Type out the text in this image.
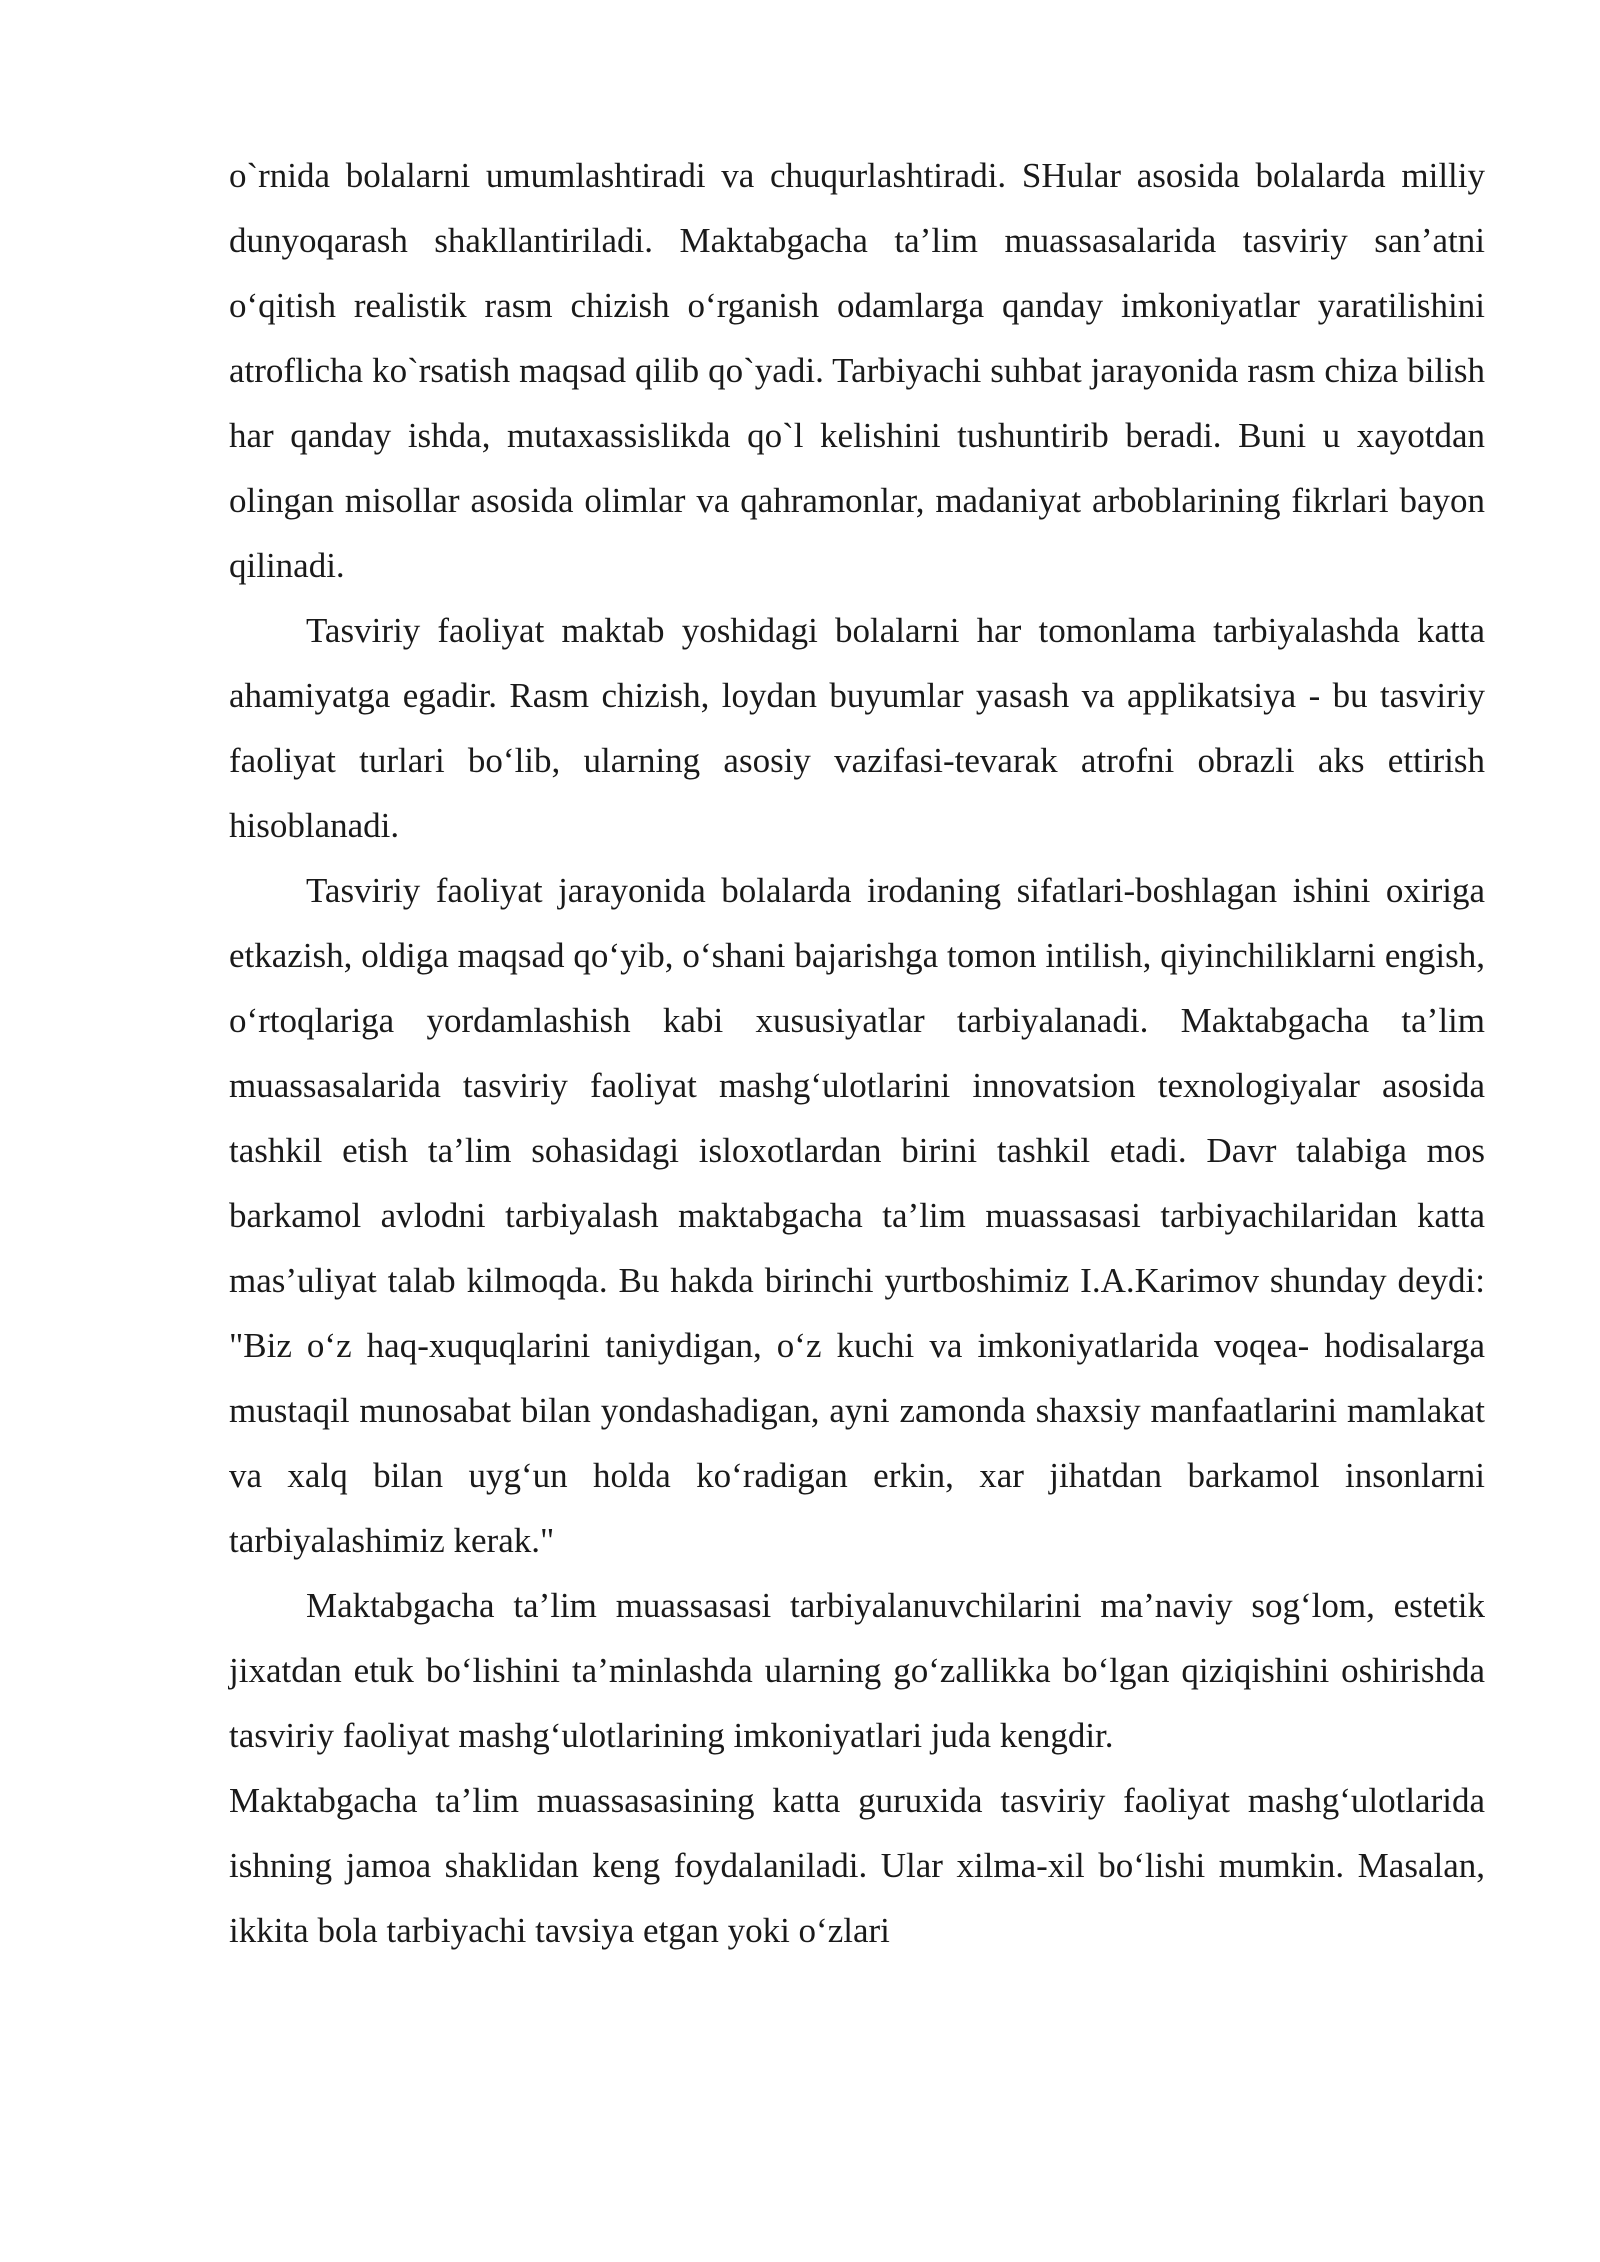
o`rnida bolalarni umumlashtiradi va chuqurlashtiradi. SHular asosida bolalarda milliy dunyoqarash shakllantiriladi. Maktabgacha ta’lim muassasalarida tasviriy san’atni o‘qitish realistik rasm chizish o‘rganish odamlarga qanday imkoniyatlar yaratilishini atroflicha ko`rsatish maqsad qilib qo`yadi. Tarbiyachi suhbat jarayonida rasm chiza bilish har qanday ishda, mutaxassislikda qo`l kelishini tushuntirib beradi. Buni u xayotdan olingan misollar asosida olimlar va qahramonlar, madaniyat arboblarining fikrlari bayon qilinadi.

Tasviriy faoliyat maktab yoshidagi bolalarni har tomonlama tarbiyalashda katta ahamiyatga egadir. Rasm chizish, loydan buyumlar yasash va applikatsiya - bu tasviriy faoliyat turlari bo‘lib, ularning asosiy vazifasi-tevarak atrofni obrazli aks ettirish hisoblanadi.

Tasviriy faoliyat jarayonida bolalarda irodaning sifatlari-boshlagan ishini oxiriga etkazish, oldiga maqsad qo‘yib, o‘shani bajarishga tomon intilish, qiyinchiliklarni engish, o‘rtoqlariga yordamlashish kabi xususiyatlar tarbiyalanadi. Maktabgacha ta’lim muassasalarida tasviriy faoliyat mashg‘ulotlarini innovatsion texnologiyalar asosida tashkil etish ta’lim sohasidagi isloxotlardan birini tashkil etadi. Davr talabiga mos barkamol avlodni tarbiyalash maktabgacha ta’lim muassasasi tarbiyachilaridan katta mas’uliyat talab kilmoqda. Bu hakda birinchi yurtboshimiz I.A.Karimov shunday deydi: "Biz o‘z haq-xuquqlarini taniydigan, o‘z kuchi va imkoniyatlarida voqea- hodisalarga mustaqil munosabat bilan yondashadigan, ayni zamonda shaxsiy manfaatlarini mamlakat va xalq bilan uyg‘un holda ko‘radigan erkin, xar jihatdan barkamol insonlarni tarbiyalashimiz kerak."

Maktabgacha ta’lim muassasasi tarbiyalanuvchilarini ma’naviy sog‘lom, estetik jixatdan etuk bo‘lishini ta’minlashda ularning go‘zallikka bo‘lgan qiziqishini oshirishda tasviriy faoliyat mashg‘ulotlarining imkoniyatlari juda kengdir.

Maktabgacha ta’lim muassasasining katta guruxida tasviriy faoliyat mashg‘ulotlarida ishning jamoa shaklidan keng foydalaniladi. Ular xilma-xil bo‘lishi mumkin. Masalan, ikkita bola tarbiyachi tavsiya etgan yoki o‘zlari
